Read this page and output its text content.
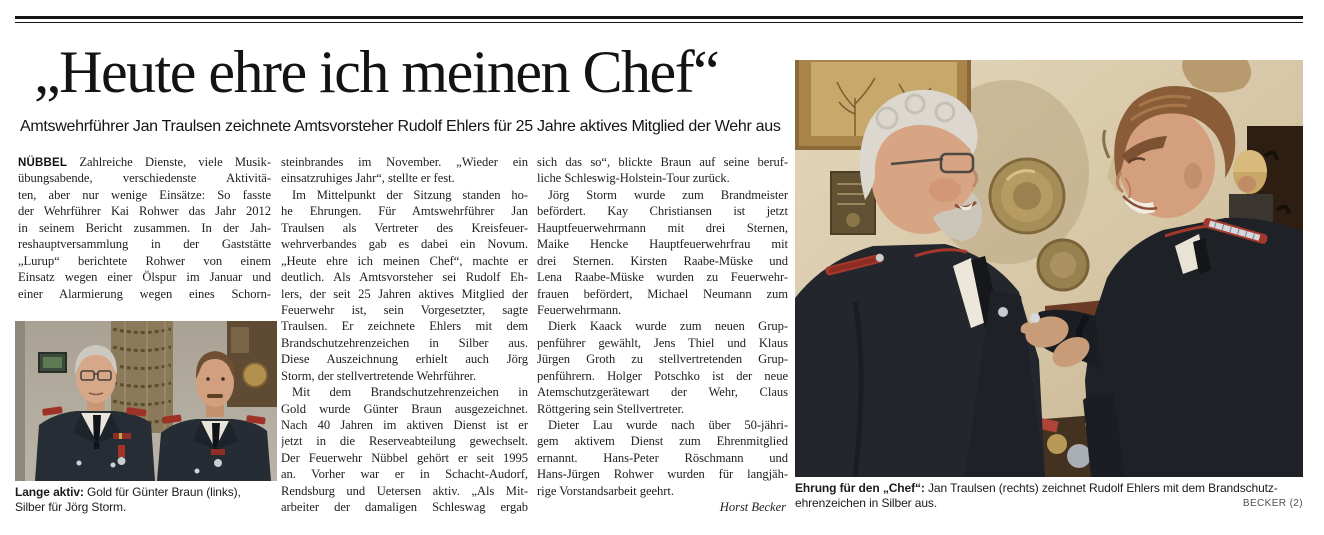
„Heute ehre ich meinen Chef“

Amtswehrführer Jan Traulsen zeichnete Amtsvorsteher Rudolf Ehlers für 25 Jahre aktives Mitglied der Wehr aus

NÜBBEL Zahlreiche Dienste, viele Musik-
übungsabende, verschiedenste Aktivitä-
ten, aber nur wenige Einsätze: So fasste
der Wehrführer Kai Rohwer das Jahr 2012
in seinem Bericht zusammen. In der Jah-
reshauptversammlung in der Gaststätte
„Lurup“ berichtete Rohwer von einem
Einsatz wegen einer Ölspur im Januar und
einer Alarmierung wegen eines Schorn-
steinbrandes im November. „Wieder ein
einsatzruhiges Jahr“, stellte er fest.
Im Mittelpunkt der Sitzung standen ho-
he Ehrungen. Für Amtswehrführer Jan
Traulsen als Vertreter des Kreisfeuer-
wehrverbandes gab es dabei ein Novum.
„Heute ehre ich meinen Chef“, machte er
deutlich. Als Amtsvorsteher sei Rudolf Eh-
lers, der seit 25 Jahren aktives Mitglied der
Feuerwehr ist, sein Vorgesetzter, sagte
Traulsen. Er zeichnete Ehlers mit dem
Brandschutzehrenzeichen in Silber aus.
Diese Auszeichnung erhielt auch Jörg
Storm, der stellvertretende Wehrführer.
Mit dem Brandschutzehrenzeichen in
Gold wurde Günter Braun ausgezeichnet.
Nach 40 Jahren im aktiven Dienst ist er
jetzt in die Reserveabteilung gewechselt.
Der Feuerwehr Nübbel gehört er seit 1995
an. Vorher war er in Schacht-Audorf,
Rendsburg und Uetersen aktiv. „Als Mit-
arbeiter der damaligen Schleswag ergab
sich das so“, blickte Braun auf seine beruf-
liche Schleswig-Holstein-Tour zurück.
Jörg Storm wurde zum Brandmeister
befördert. Kay Christiansen ist jetzt
Hauptfeuerwehrmann mit drei Sternen,
Maike Hencke Hauptfeuerwehrfrau mit
drei Sternen. Kirsten Raabe-Müske und
Lena Raabe-Müske wurden zu Feuerwehr-
frauen befördert, Michael Neumann zum
Feuerwehrmann.
Dierk Kaack wurde zum neuen Grup-
penführer gewählt, Jens Thiel und Klaus
Jürgen Groth zu stellvertretenden Grup-
penführern. Holger Potschko ist der neue
Atemschutzgerätewart der Wehr, Claus
Röttgering sein Stellvertreter.
Dieter Lau wurde nach über 50-jähri-
gem aktivem Dienst zum Ehrenmitglied
ernannt. Hans-Peter Röschmann und
Hans-Jürgen Rohwer wurden für langjäh-
rige Vorstandsarbeit geehrt.
Horst Becker
Lange aktiv: Gold für Günter Braun (links),
Silber für Jörg Storm.
Ehrung für den „Chef“: Jan Traulsen (rechts) zeichnet Rudolf Ehlers mit dem Brandschutz-
ehrenzeichen in Silber aus.	BECKER (2)
